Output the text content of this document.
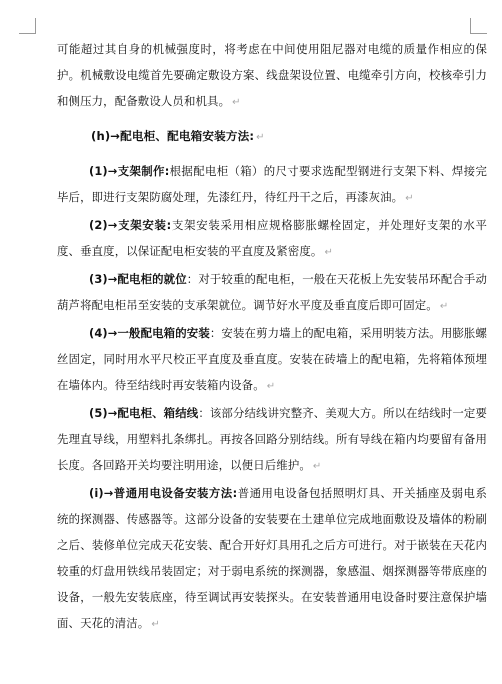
可能超过其自身的机械强度时，将考虑在中间使用阻尼器对电缆的质量作相应的保护。机械敷设电缆首先要确定敷设方案、线盘架设位置、电缆牵引方向，校核牵引力和侧压力，配备敷设人员和机具。 ↵

(h)→配电柜、配电箱安装方法: ↵

(1)→支架制作:根据配电柜（箱）的尺寸要求选配型钢进行支架下料、焊接完毕后，即进行支架防腐处理，先漆红丹，待红丹干之后，再漆灰油。 ↵

(2)→支架安装:支架安装采用相应规格膨胀螺栓固定，并处理好支架的水平度、垂直度，以保证配电柜安装的平直度及紧密度。 ↵

(3)→配电柜的就位：对于较重的配电柜，一般在天花板上先安装吊环配合手动葫芦将配电柜吊至安装的支承架就位。调节好水平度及垂直度后即可固定。 ↵

(4)→一般配电箱的安装：安装在剪力墙上的配电箱，采用明装方法。用膨胀螺丝固定，同时用水平尺校正平直度及垂直度。安装在砖墙上的配电箱，先将箱体预埋在墙体内。待至结线时再安装箱内设备。 ↵

(5)→配电柜、箱结线：该部分结线讲究整齐、美观大方。所以在结线时一定要先理直导线，用塑料扎条绑扎。再按各回路分别结线。所有导线在箱内均要留有备用长度。各回路开关均要注明用途，以便日后维护。 ↵

(i)→普通用电设备安装方法:普通用电设备包括照明灯具、开关插座及弱电系统的探测器、传感器等。这部分设备的安装要在土建单位完成地面敷设及墙体的粉刷之后、装修单位完成天花安装、配合开好灯具用孔之后方可进行。对于嵌装在天花内较重的灯盘用铁线吊装固定；对于弱电系统的探测器，象感温、烟探测器等带底座的设备，一般先安装底座，待至调试再安装探头。在安装普通用电设备时要注意保护墙面、天花的清洁。 ↵
